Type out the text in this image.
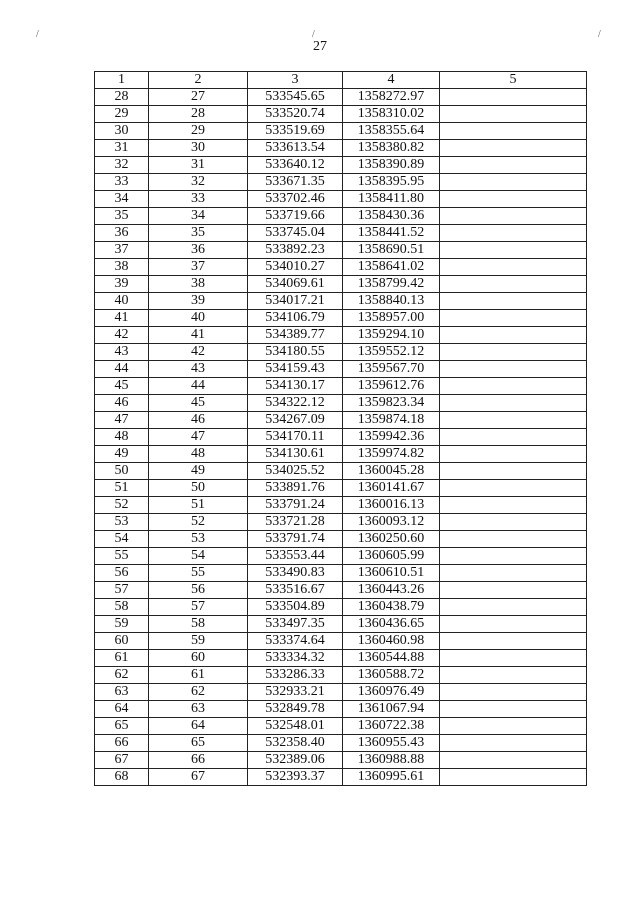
/	/	/
27
1	2	3	4	5
28	27	533545.65	1358272.97	
29	28	533520.74	1358310.02	
30	29	533519.69	1358355.64	
31	30	533613.54	1358380.82	
32	31	533640.12	1358390.89	
33	32	533671.35	1358395.95	
34	33	533702.46	1358411.80	
35	34	533719.66	1358430.36	
36	35	533745.04	1358441.52	
37	36	533892.23	1358690.51	
38	37	534010.27	1358641.02	
39	38	534069.61	1358799.42	
40	39	534017.21	1358840.13	
41	40	534106.79	1358957.00	
42	41	534389.77	1359294.10	
43	42	534180.55	1359552.12	
44	43	534159.43	1359567.70	
45	44	534130.17	1359612.76	
46	45	534322.12	1359823.34	
47	46	534267.09	1359874.18	
48	47	534170.11	1359942.36	
49	48	534130.61	1359974.82	
50	49	534025.52	1360045.28	
51	50	533891.76	1360141.67	
52	51	533791.24	1360016.13	
53	52	533721.28	1360093.12	
54	53	533791.74	1360250.60	
55	54	533553.44	1360605.99	
56	55	533490.83	1360610.51	
57	56	533516.67	1360443.26	
58	57	533504.89	1360438.79	
59	58	533497.35	1360436.65	
60	59	533374.64	1360460.98	
61	60	533334.32	1360544.88	
62	61	533286.33	1360588.72	
63	62	532933.21	1360976.49	
64	63	532849.78	1361067.94	
65	64	532548.01	1360722.38	
66	65	532358.40	1360955.43	
67	66	532389.06	1360988.88	
68	67	532393.37	1360995.61	
